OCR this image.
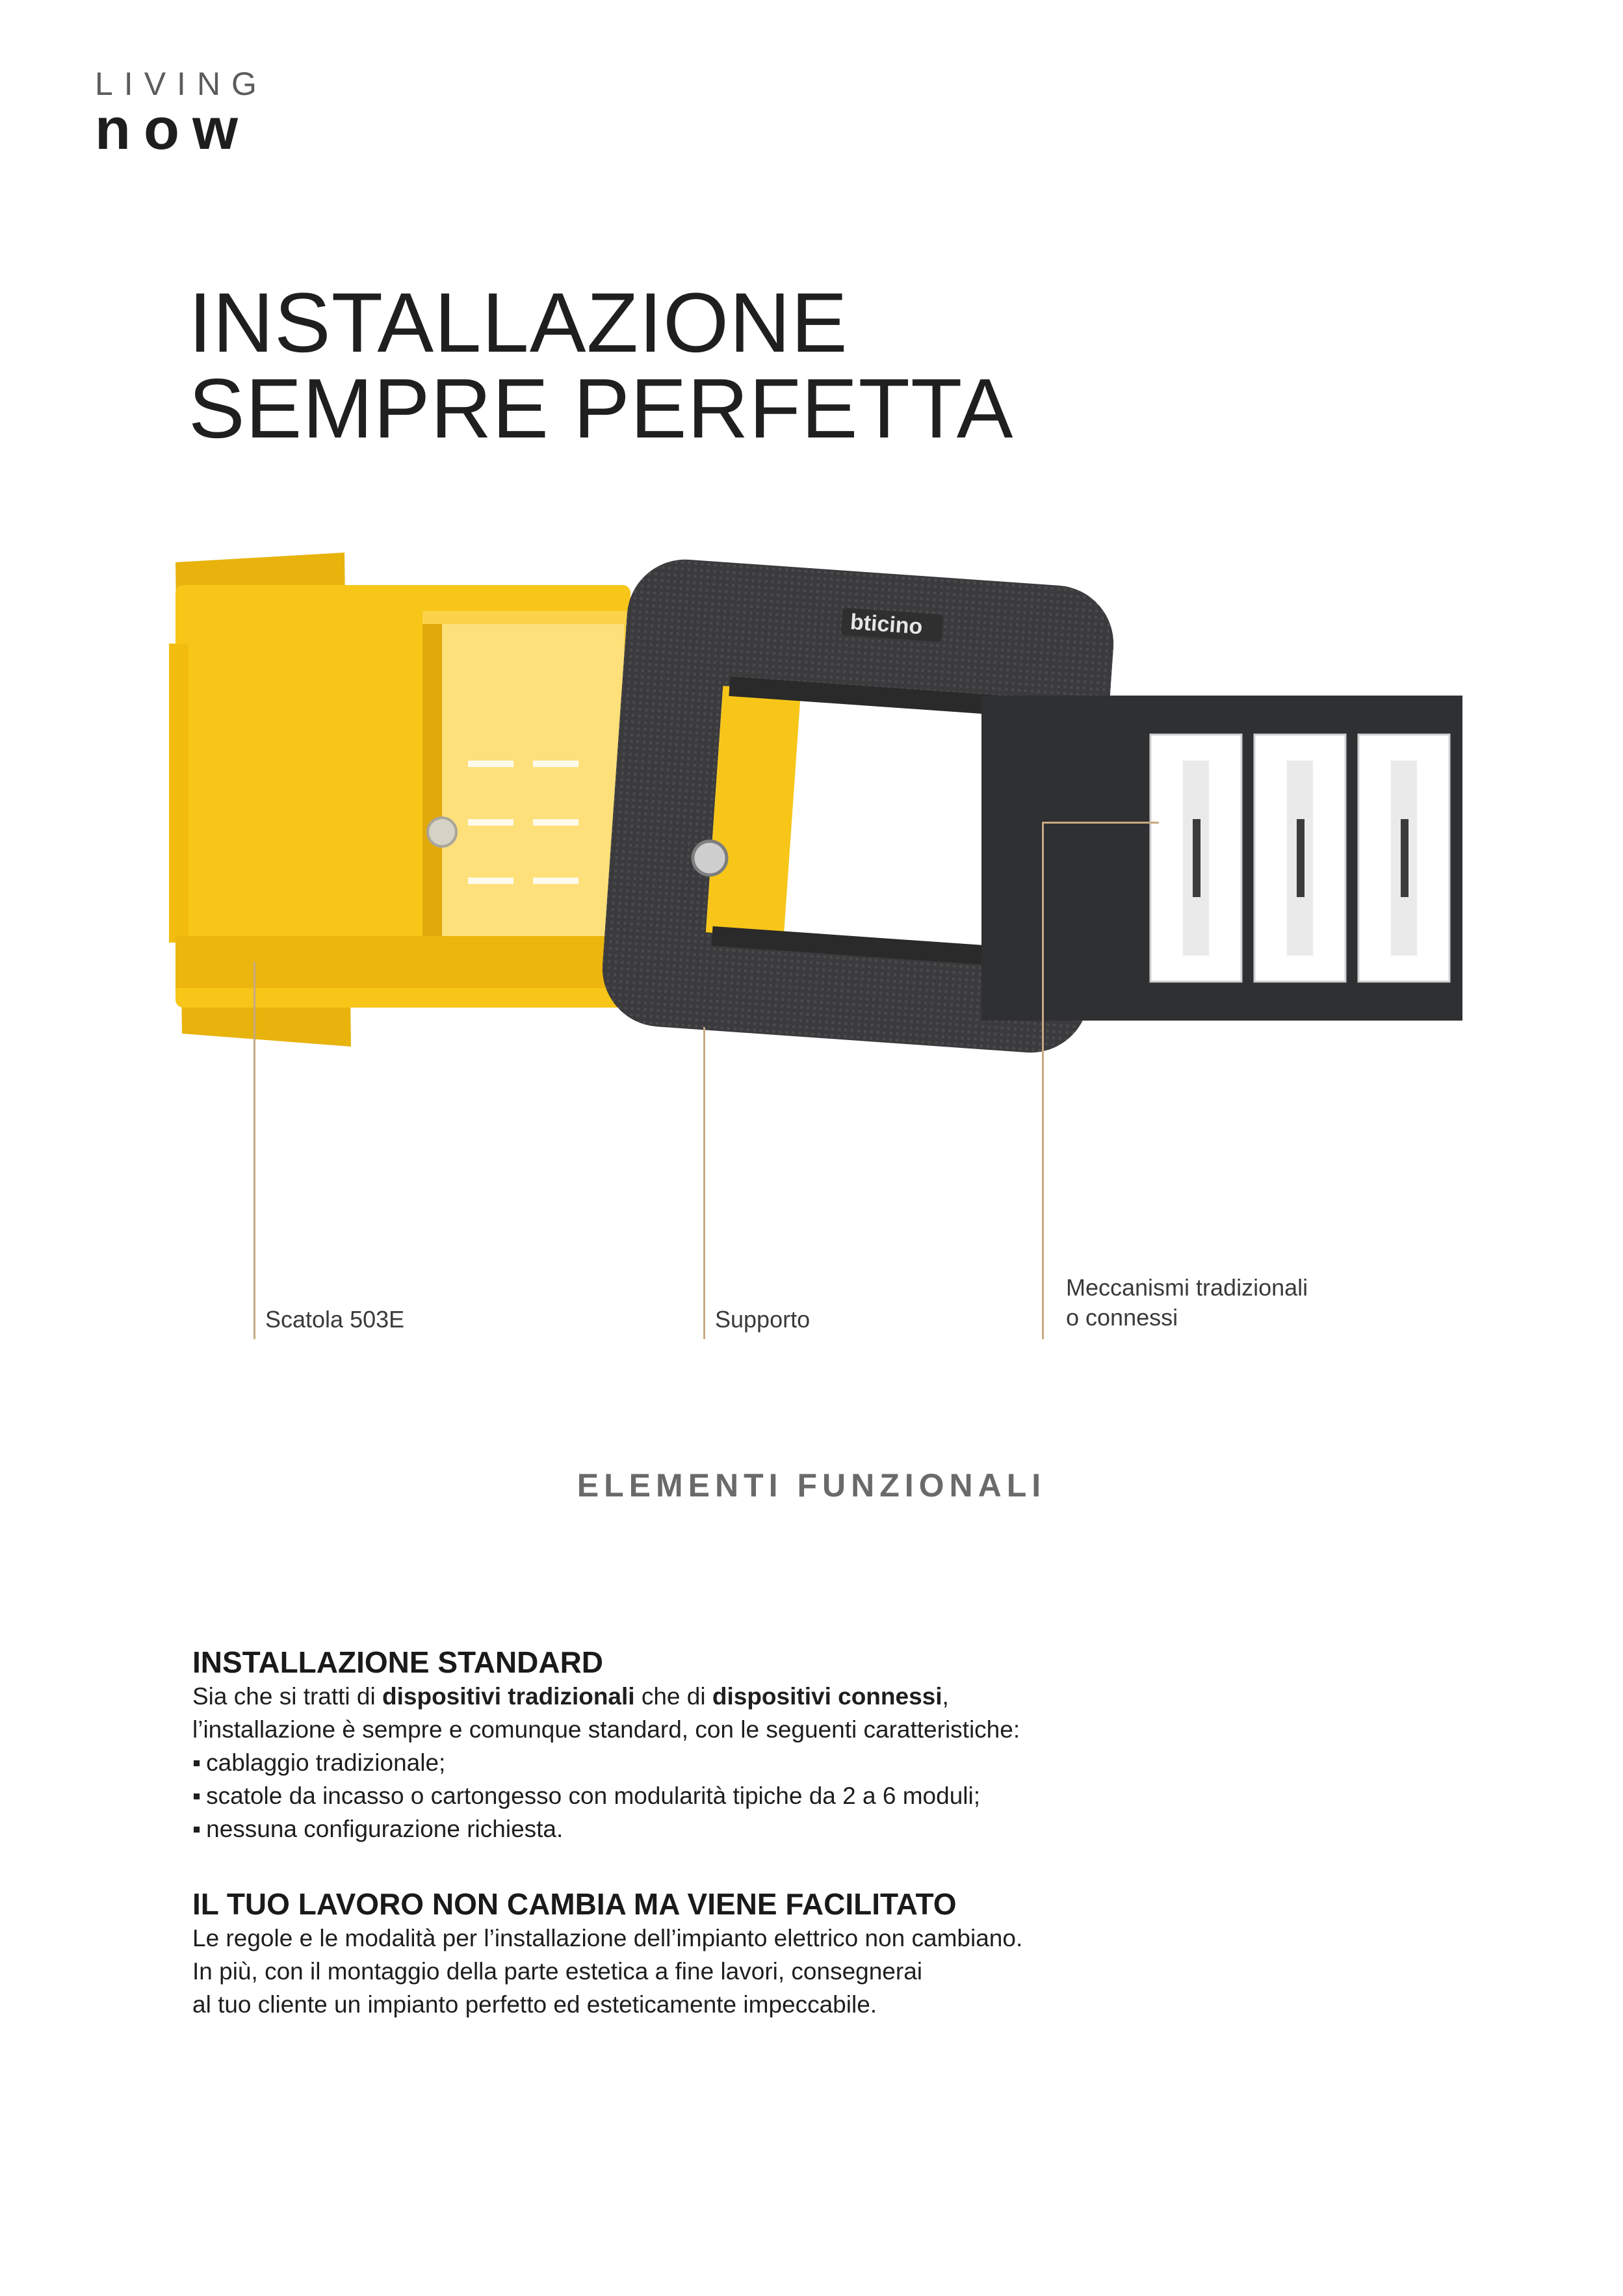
LIVING
now
INSTALLAZIONE
SEMPRE PERFETTA
bticino
Scatola 503E	Supporto
Meccanismi tradizionali
o connessi
ELEMENTI FUNZIONALI
INSTALLAZIONE STANDARD

Sia che si tratti di dispositivi tradizionali che di dispositivi connessi,

l’installazione è sempre e comunque standard, con le seguenti caratteristiche:

▪ cablaggio tradizionale;
▪ scatole da incasso o cartongesso con modularità tipiche da 2 a 6 moduli;
▪ nessuna configurazione richiesta.
IL TUO LAVORO NON CAMBIA MA VIENE FACILITATO

Le regole e le modalità per l’installazione dell’impianto elettrico non cambiano.

In più, con il montaggio della parte estetica a fine lavori, consegnerai

al tuo cliente un impianto perfetto ed esteticamente impeccabile.
